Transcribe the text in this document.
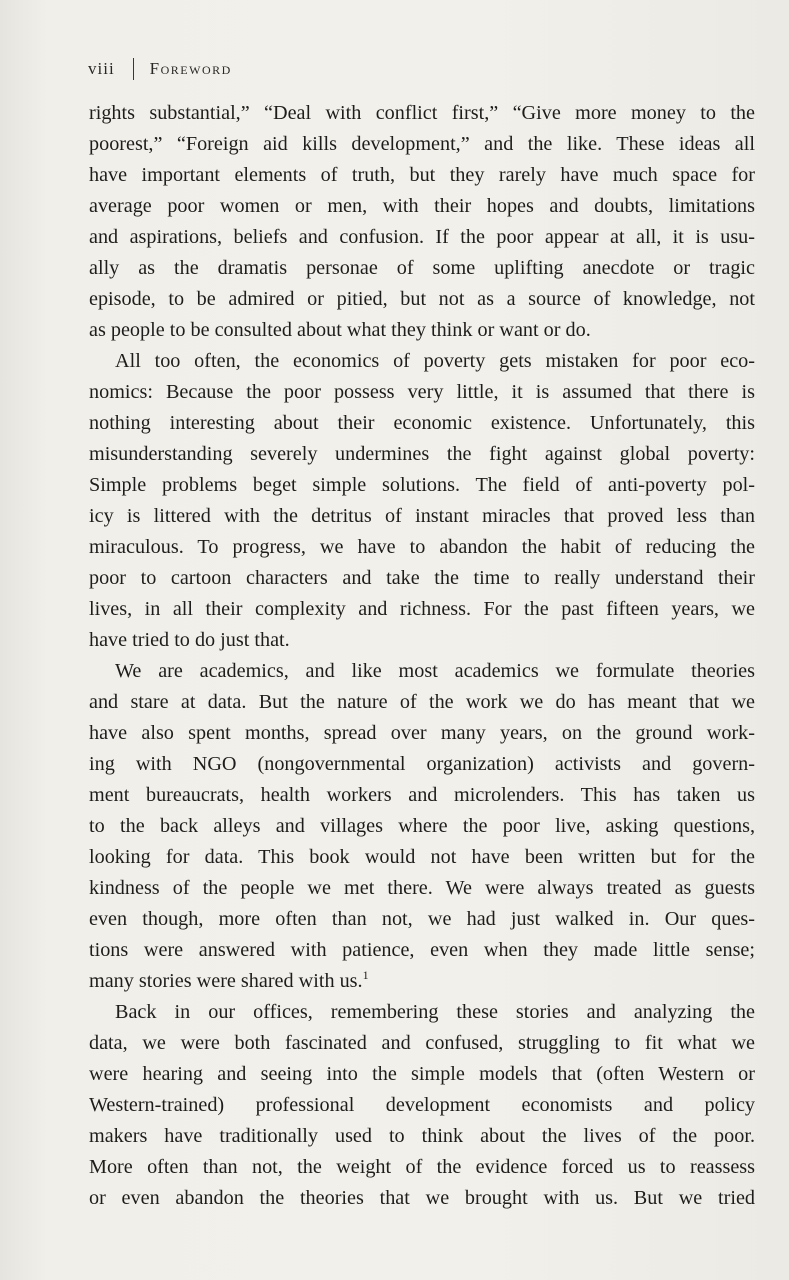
viii Foreword
rights substantial,” “Deal with conflict first,” “Give more money to the
poorest,” “Foreign aid kills development,” and the like. These ideas all
have important elements of truth, but they rarely have much space for
average poor women or men, with their hopes and doubts, limitations
and aspirations, beliefs and confusion. If the poor appear at all, it is usu-
ally as the dramatis personae of some uplifting anecdote or tragic
episode, to be admired or pitied, but not as a source of knowledge, not
as people to be consulted about what they think or want or do.
All too often, the economics of poverty gets mistaken for poor eco-
nomics: Because the poor possess very little, it is assumed that there is
nothing interesting about their economic existence. Unfortunately, this
misunderstanding severely undermines the fight against global poverty:
Simple problems beget simple solutions. The field of anti-poverty pol-
icy is littered with the detritus of instant miracles that proved less than
miraculous. To progress, we have to abandon the habit of reducing the
poor to cartoon characters and take the time to really understand their
lives, in all their complexity and richness. For the past fifteen years, we
have tried to do just that.
We are academics, and like most academics we formulate theories
and stare at data. But the nature of the work we do has meant that we
have also spent months, spread over many years, on the ground work-
ing with NGO (nongovernmental organization) activists and govern-
ment bureaucrats, health workers and microlenders. This has taken us
to the back alleys and villages where the poor live, asking questions,
looking for data. This book would not have been written but for the
kindness of the people we met there. We were always treated as guests
even though, more often than not, we had just walked in. Our ques-
tions were answered with patience, even when they made little sense;
many stories were shared with us.$^1$
Back in our offices, remembering these stories and analyzing the
data, we were both fascinated and confused, struggling to fit what we
were hearing and seeing into the simple models that (often Western or
Western-trained) professional development economists and policy
makers have traditionally used to think about the lives of the poor.
More often than not, the weight of the evidence forced us to reassess
or even abandon the theories that we brought with us. But we tried
